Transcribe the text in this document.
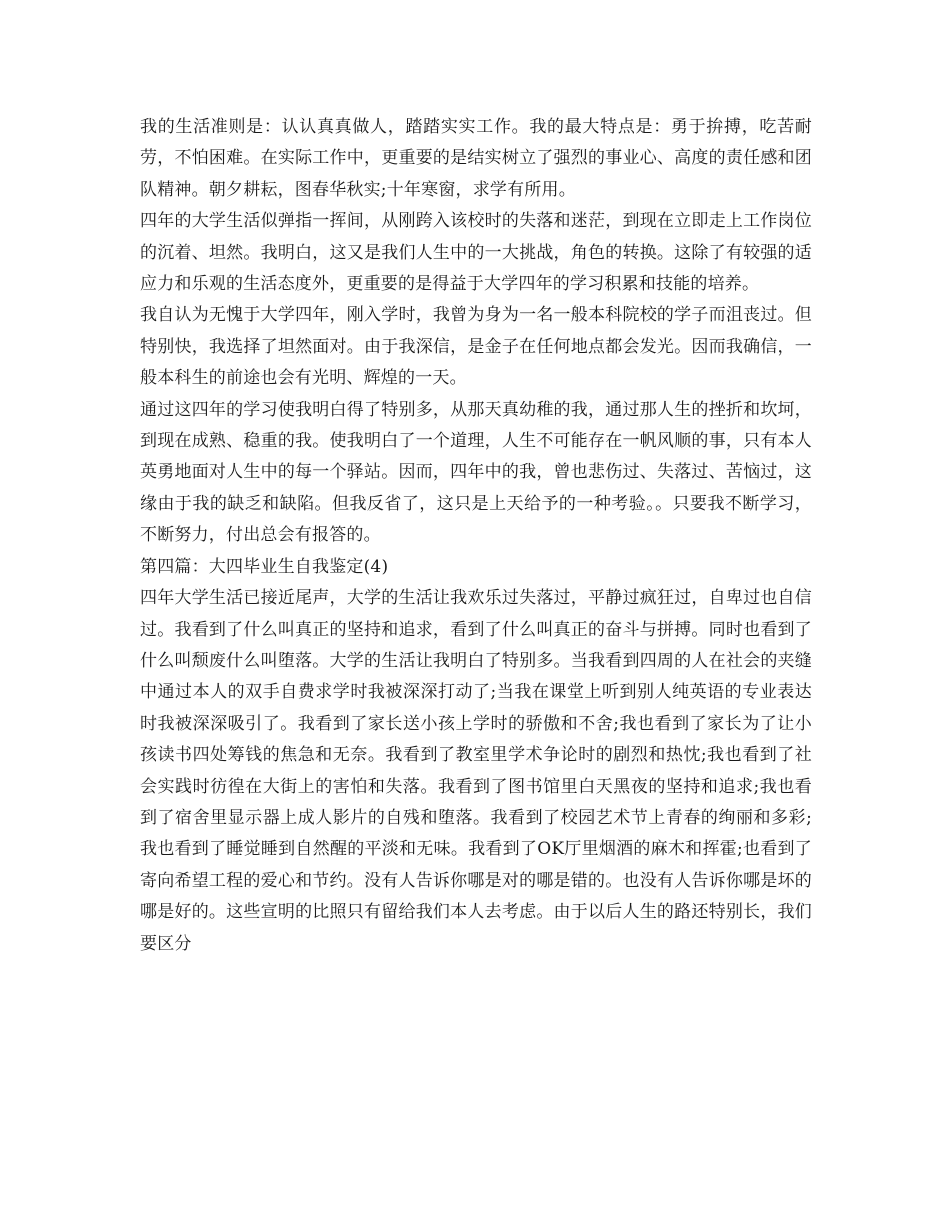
我的生活准则是：认认真真做人，踏踏实实工作。我的最大特点是：勇于拚搏，吃苦耐劳，不怕困难。在实际工作中，更重要的是结实树立了强烈的事业心、高度的责任感和团队精神。朝夕耕耘，图春华秋实;十年寒窗，求学有所用。

四年的大学生活似弹指一挥间，从刚跨入该校时的失落和迷茫，到现在立即走上工作岗位的沉着、坦然。我明白，这又是我们人生中的一大挑战，角色的转换。这除了有较强的适应力和乐观的生活态度外，更重要的是得益于大学四年的学习积累和技能的培养。

我自认为无愧于大学四年，刚入学时，我曾为身为一名一般本科院校的学子而沮丧过。但特别快，我选择了坦然面对。由于我深信，是金子在任何地点都会发光。因而我确信，一般本科生的前途也会有光明、辉煌的一天。

通过这四年的学习使我明白得了特别多，从那天真幼稚的我，通过那人生的挫折和坎坷，到现在成熟、稳重的我。使我明白了一个道理，人生不可能存在一帆风顺的事，只有本人英勇地面对人生中的每一个驿站。因而，四年中的我，曾也悲伤过、失落过、苦恼过，这缘由于我的缺乏和缺陷。但我反省了，这只是上天给予的一种考验。。只要我不断学习，不断努力，付出总会有报答的。

第四篇：大四毕业生自我鉴定(4)

四年大学生活已接近尾声，大学的生活让我欢乐过失落过，平静过疯狂过，自卑过也自信过。我看到了什么叫真正的坚持和追求，看到了什么叫真正的奋斗与拼搏。同时也看到了什么叫颓废什么叫堕落。大学的生活让我明白了特别多。当我看到四周的人在社会的夹缝中通过本人的双手自费求学时我被深深打动了;当我在课堂上听到别人纯英语的专业表达时我被深深吸引了。我看到了家长送小孩上学时的骄傲和不舍;我也看到了家长为了让小孩读书四处筹钱的焦急和无奈。我看到了教室里学术争论时的剧烈和热忱;我也看到了社会实践时彷徨在大街上的害怕和失落。我看到了图书馆里白天黑夜的坚持和追求;我也看到了宿舍里显示器上成人影片的自残和堕落。我看到了校园艺术节上青春的绚丽和多彩;我也看到了睡觉睡到自然醒的平淡和无味。我看到了OK厅里烟酒的麻木和挥霍;也看到了寄向希望工程的爱心和节约。没有人告诉你哪是对的哪是错的。也没有人告诉你哪是坏的哪是好的。这些宣明的比照只有留给我们本人去考虑。由于以后人生的路还特别长，我们要区分
